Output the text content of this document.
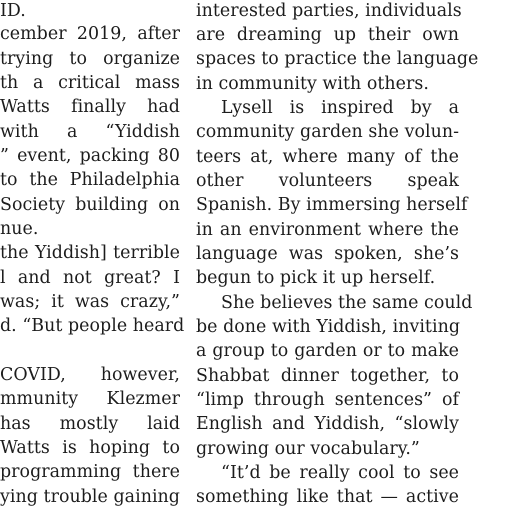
ID.
cember 2019, after
trying to organize
th a critical mass
Watts finally had
with a “Yiddish
” event, packing 80
to the Philadelphia
Society building on
nue.
the Yiddish] terrible
l and not great? I
was; it was crazy,”
d. “But people heard
COVID, however,
mmunity Klezmer
has mostly laid
Watts is hoping to
programming there
ying trouble gaining
interested parties, individuals
are dreaming up their own
spaces to practice the language
in community with others.
Lysell is inspired by a
community garden she volun-
teers at, where many of the
other volunteers speak
Spanish. By immersing herself
in an environment where the
language was spoken, she’s
begun to pick it up herself.
She believes the same could
be done with Yiddish, inviting
a group to garden or to make
Shabbat dinner together, to
“limp through sentences” of
English and Yiddish, “slowly
growing our vocabulary.”
“It’d be really cool to see
something like that — active
